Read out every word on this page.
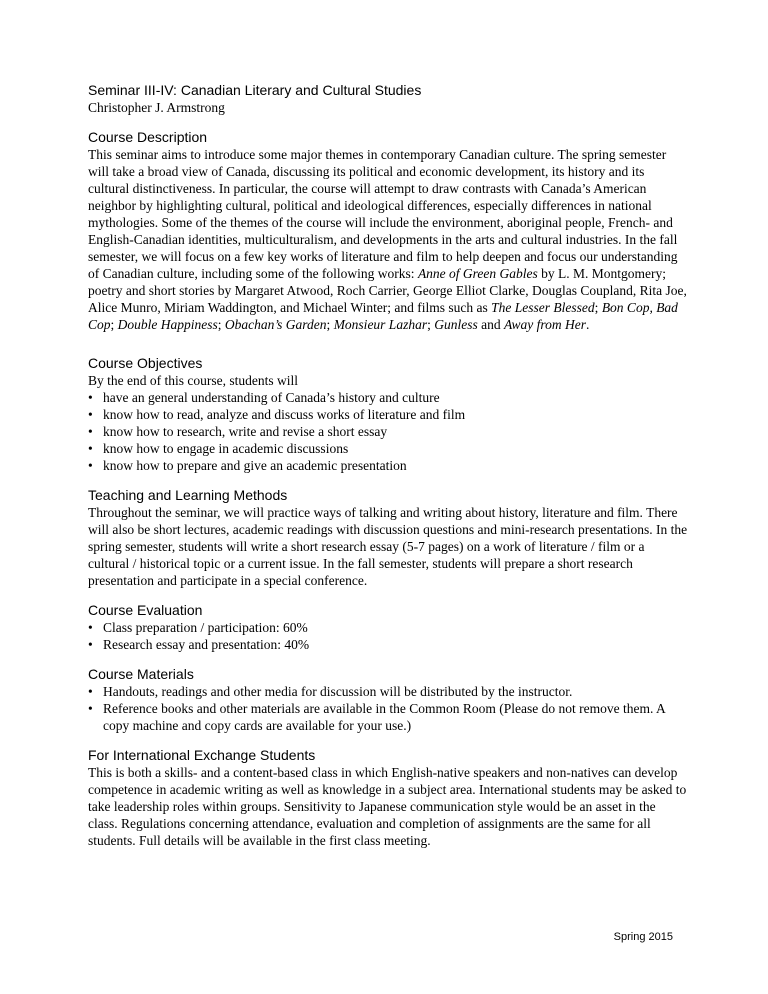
Seminar III-IV: Canadian Literary and Cultural Studies
Christopher J. Armstrong
Course Description

This seminar aims to introduce some major themes in contemporary Canadian culture. The spring semester will take a broad view of Canada, discussing its political and economic development, its history and its cultural distinctiveness. In particular, the course will attempt to draw contrasts with Canada’s American neighbor by highlighting cultural, political and ideological differences, especially differences in national mythologies. Some of the themes of the course will include the environment, aboriginal people, French- and English-Canadian identities, multiculturalism, and developments in the arts and cultural industries. In the fall semester, we will focus on a few key works of literature and film to help deepen and focus our understanding of Canadian culture, including some of the following works: Anne of Green Gables by L. M. Montgomery; poetry and short stories by Margaret Atwood, Roch Carrier, George Elliot Clarke, Douglas Coupland, Rita Joe, Alice Munro, Miriam Waddington, and Michael Winter; and films such as The Lesser Blessed; Bon Cop, Bad Cop; Double Happiness; Obachan’s Garden; Monsieur Lazhar; Gunless and Away from Her.

Course Objectives

By the end of this course, students will

• have an general understanding of Canada’s history and culture
• know how to read, analyze and discuss works of literature and film
• know how to research, write and revise a short essay
• know how to engage in academic discussions
• know how to prepare and give an academic presentation
Teaching and Learning Methods

Throughout the seminar, we will practice ways of talking and writing about history, literature and film. There will also be short lectures, academic readings with discussion questions and mini-research presentations. In the spring semester, students will write a short research essay (5-7 pages) on a work of literature / film or a cultural / historical topic or a current issue. In the fall semester, students will prepare a short research presentation and participate in a special conference.

Course Evaluation
• Class preparation / participation: 60%
• Research essay and presentation: 40%
Course Materials
• Handouts, readings and other media for discussion will be distributed by the instructor.
• Reference books and other materials are available in the Common Room (Please do not remove them. A copy machine and copy cards are available for your use.)
For International Exchange Students

This is both a skills- and a content-based class in which English-native speakers and non-natives can develop competence in academic writing as well as knowledge in a subject area. International students may be asked to take leadership roles within groups. Sensitivity to Japanese communication style would be an asset in the class. Regulations concerning attendance, evaluation and completion of assignments are the same for all students. Full details will be available in the first class meeting.

Spring 2015
